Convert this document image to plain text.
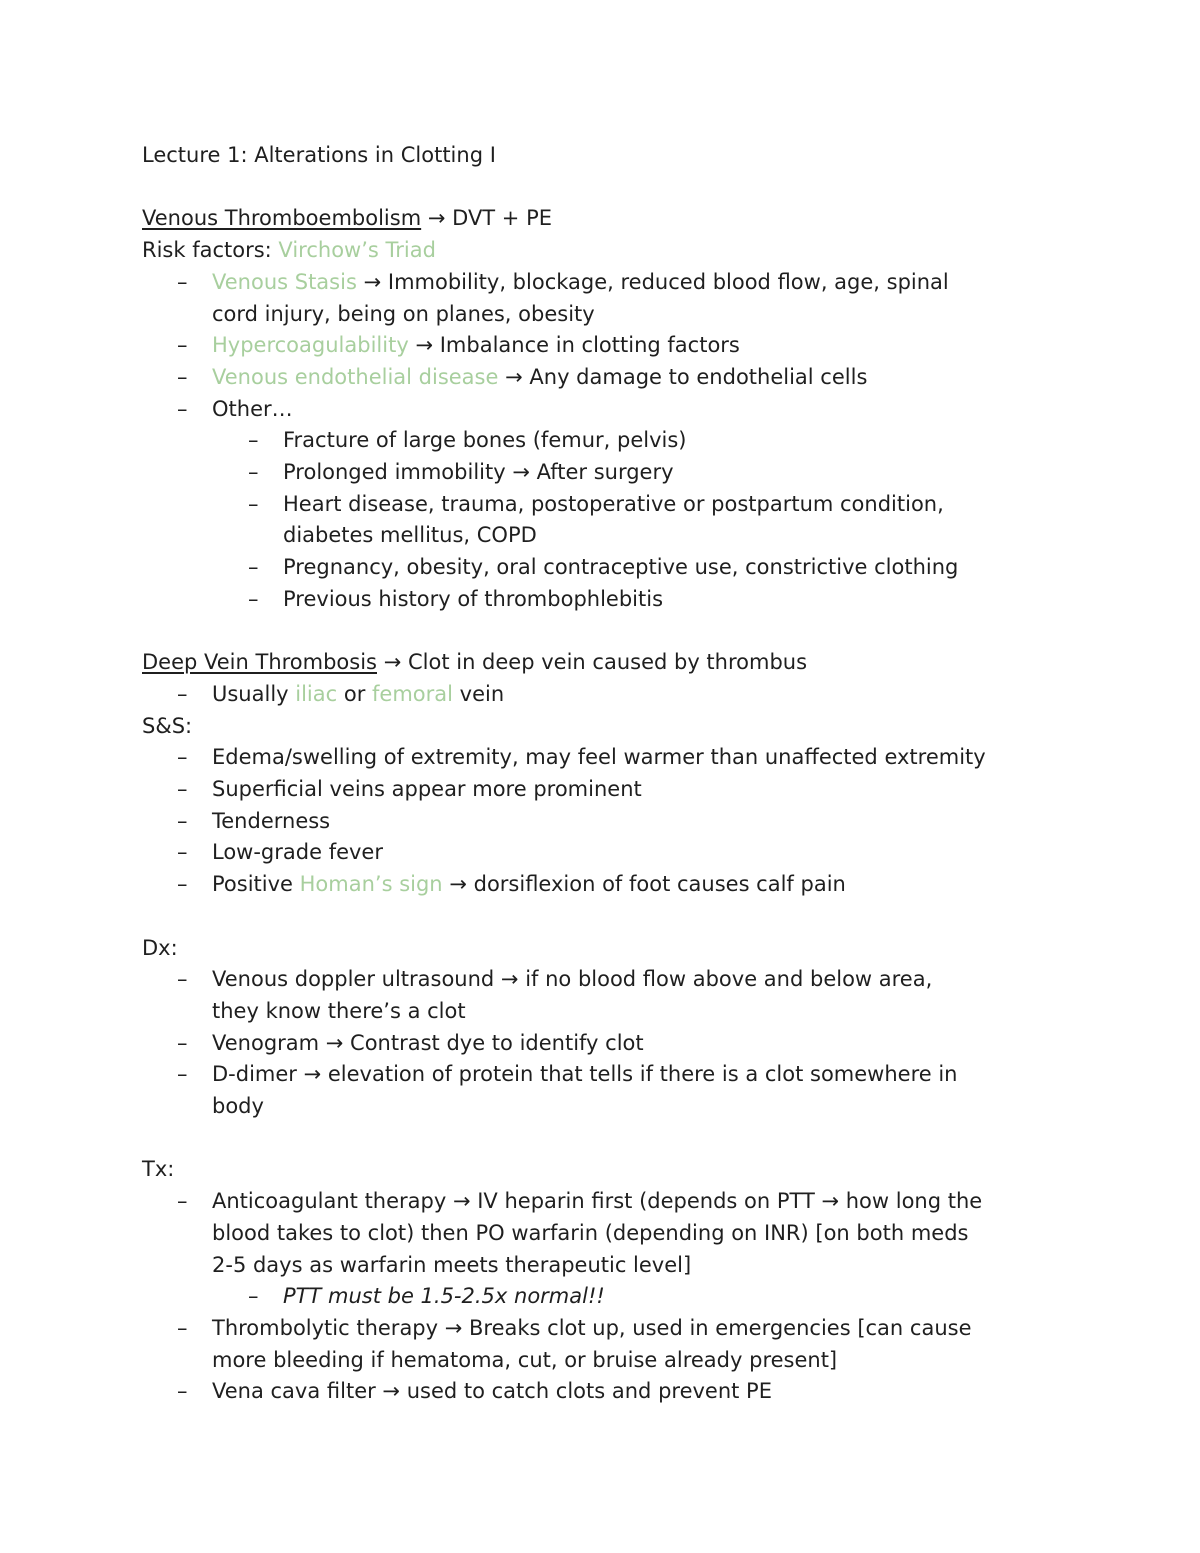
Lecture 1: Alterations in Clotting I
Venous Thromboembolism → DVT + PE
Risk factors: Virchow’s Triad
– Venous Stasis → Immobility, blockage, reduced blood flow, age, spinal
cord injury, being on planes, obesity
– Hypercoagulability → Imbalance in clotting factors
– Venous endothelial disease → Any damage to endothelial cells
– Other…
– Fracture of large bones (femur, pelvis)
– Prolonged immobility → After surgery
– Heart disease, trauma, postoperative or postpartum condition,
diabetes mellitus, COPD
– Pregnancy, obesity, oral contraceptive use, constrictive clothing
– Previous history of thrombophlebitis
Deep Vein Thrombosis → Clot in deep vein caused by thrombus
– Usually iliac or femoral vein
S&S:
– Edema/swelling of extremity, may feel warmer than unaffected extremity
– Superficial veins appear more prominent
– Tenderness
– Low-grade fever
– Positive Homan’s sign → dorsiflexion of foot causes calf pain
Dx:
– Venous doppler ultrasound → if no blood flow above and below area,
they know there’s a clot
– Venogram → Contrast dye to identify clot
– D-dimer → elevation of protein that tells if there is a clot somewhere in
body
Tx:
– Anticoagulant therapy → IV heparin first (depends on PTT → how long the
blood takes to clot) then PO warfarin (depending on INR) [on both meds
2-5 days as warfarin meets therapeutic level]
– PTT must be 1.5-2.5x normal!!
– Thrombolytic therapy → Breaks clot up, used in emergencies [can cause
more bleeding if hematoma, cut, or bruise already present]
– Vena cava filter → used to catch clots and prevent PE
